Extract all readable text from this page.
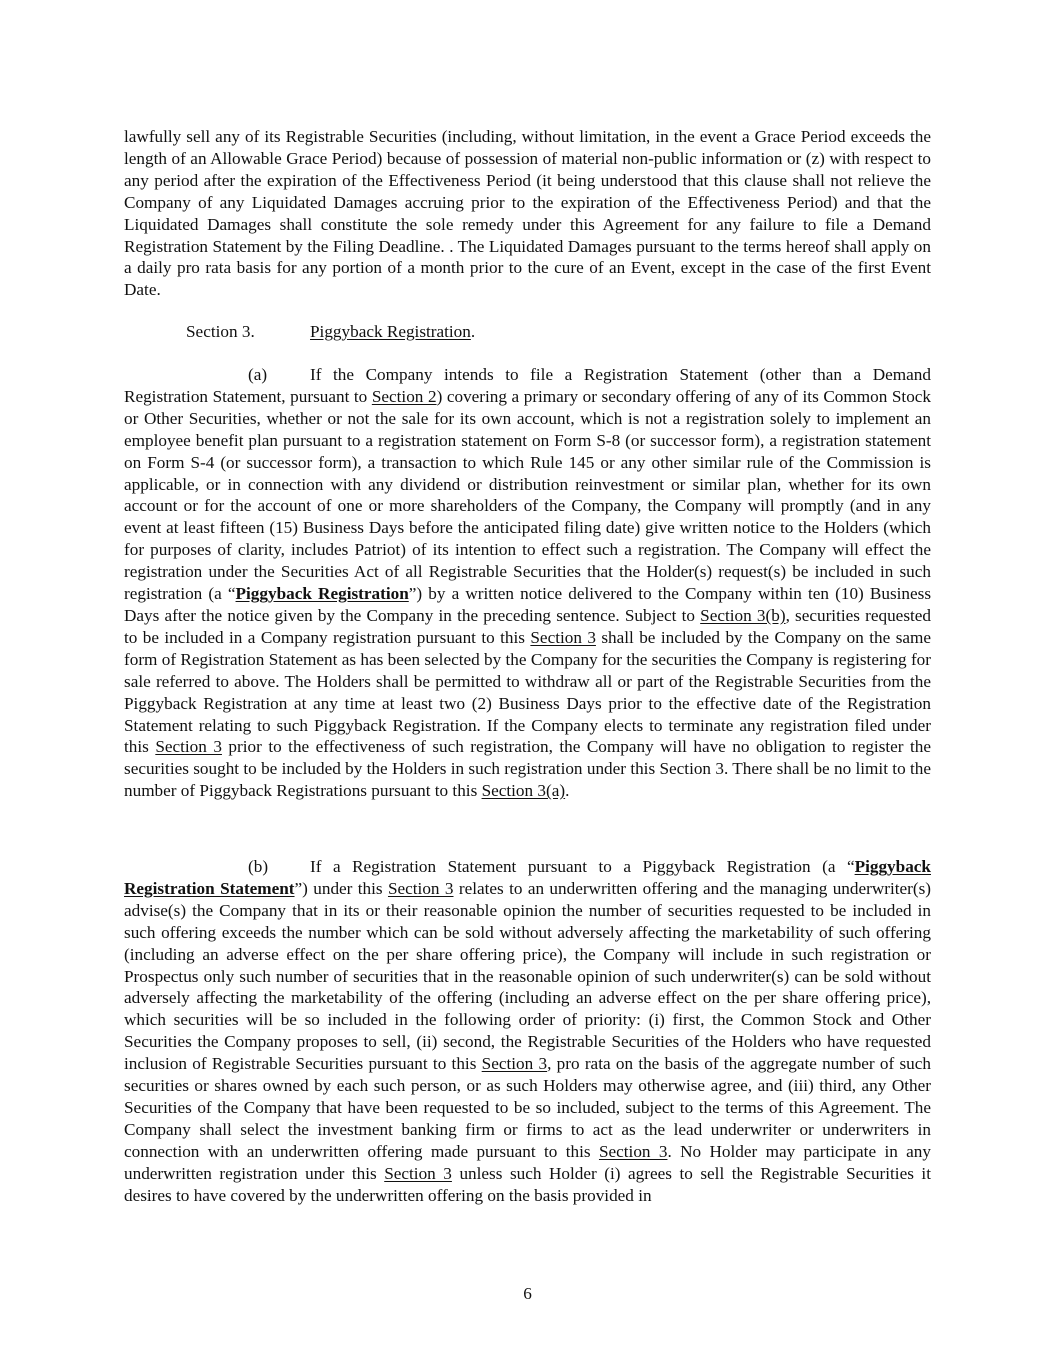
lawfully sell any of its Registrable Securities (including, without limitation, in the event a Grace Period exceeds the length of an Allowable Grace Period) because of possession of material non-public information or (z) with respect to any period after the expiration of the Effectiveness Period (it being understood that this clause shall not relieve the Company of any Liquidated Damages accruing prior to the expiration of the Effectiveness Period) and that the Liquidated Damages shall constitute the sole remedy under this Agreement for any failure to file a Demand Registration Statement by the Filing Deadline. . The Liquidated Damages pursuant to the terms hereof shall apply on a daily pro rata basis for any portion of a month prior to the cure of an Event, except in the case of the first Event Date.

Section 3.	Piggyback Registration.

(a) If the Company intends to file a Registration Statement (other than a Demand Registration Statement, pursuant to Section 2) covering a primary or secondary offering of any of its Common Stock or Other Securities, whether or not the sale for its own account, which is not a registration solely to implement an employee benefit plan pursuant to a registration statement on Form S-8 (or successor form), a registration statement on Form S-4 (or successor form), a transaction to which Rule 145 or any other similar rule of the Commission is applicable, or in connection with any dividend or distribution reinvestment or similar plan, whether for its own account or for the account of one or more shareholders of the Company, the Company will promptly (and in any event at least fifteen (15) Business Days before the anticipated filing date) give written notice to the Holders (which for purposes of clarity, includes Patriot) of its intention to effect such a registration. The Company will effect the registration under the Securities Act of all Registrable Securities that the Holder(s) request(s) be included in such registration (a “Piggyback Registration”) by a written notice delivered to the Company within ten (10) Business Days after the notice given by the Company in the preceding sentence. Subject to Section 3(b), securities requested to be included in a Company registration pursuant to this Section 3 shall be included by the Company on the same form of Registration Statement as has been selected by the Company for the securities the Company is registering for sale referred to above. The Holders shall be permitted to withdraw all or part of the Registrable Securities from the Piggyback Registration at any time at least two (2) Business Days prior to the effective date of the Registration Statement relating to such Piggyback Registration. If the Company elects to terminate any registration filed under this Section 3 prior to the effectiveness of such registration, the Company will have no obligation to register the securities sought to be included by the Holders in such registration under this Section 3. There shall be no limit to the number of Piggyback Registrations pursuant to this Section 3(a).

(b) If a Registration Statement pursuant to a Piggyback Registration (a “Piggyback Registration Statement”) under this Section 3 relates to an underwritten offering and the managing underwriter(s) advise(s) the Company that in its or their reasonable opinion the number of securities requested to be included in such offering exceeds the number which can be sold without adversely affecting the marketability of such offering (including an adverse effect on the per share offering price), the Company will include in such registration or Prospectus only such number of securities that in the reasonable opinion of such underwriter(s) can be sold without adversely affecting the marketability of the offering (including an adverse effect on the per share offering price), which securities will be so included in the following order of priority: (i) first, the Common Stock and Other Securities the Company proposes to sell, (ii) second, the Registrable Securities of the Holders who have requested inclusion of Registrable Securities pursuant to this Section 3, pro rata on the basis of the aggregate number of such securities or shares owned by each such person, or as such Holders may otherwise agree, and (iii) third, any Other Securities of the Company that have been requested to be so included, subject to the terms of this Agreement. The Company shall select the investment banking firm or firms to act as the lead underwriter or underwriters in connection with an underwritten offering made pursuant to this Section 3. No Holder may participate in any underwritten registration under this Section 3 unless such Holder (i) agrees to sell the Registrable Securities it desires to have covered by the underwritten offering on the basis provided in

6
